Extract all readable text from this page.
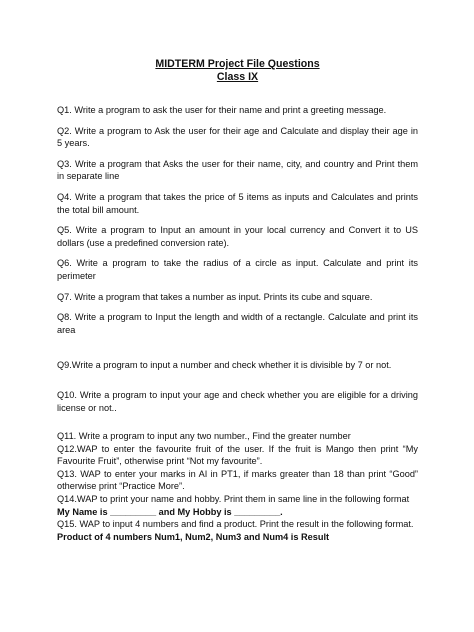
MIDTERM Project File Questions

Class IX

Q1. Write a program to ask the user for their name and print a greeting message.

Q2. Write a program to Ask the user for their age and Calculate and display their age in 5 years.

Q3. Write a program that Asks the user for their name, city, and country and Print them in separate line

Q4. Write a program that takes the price of 5 items as inputs and Calculates and prints the total bill amount.

Q5. Write a program to Input an amount in your local currency and Convert it to US dollars (use a predefined conversion rate).

Q6. Write a program to take the radius of a circle as input. Calculate and print its perimeter

Q7. Write a program that takes a number as input. Prints its cube and square.

Q8. Write a program to Input the length and width of a rectangle. Calculate and print its area

Q9.Write a program to input a number and check whether it is divisible by 7 or not.

Q10. Write a program to input your age and check whether you are eligible for a driving license or not..

Q11. Write a program to input any two number., Find the greater number

Q12.WAP to enter the favourite fruit of the user. If the fruit is Mango then print “My Favourite Fruit”, otherwise print “Not my favourite”.

Q13. WAP to enter your marks in AI in PT1, if marks greater than 18 than print “Good” otherwise print “Practice More”.

Q14.WAP to print your name and hobby. Print them in same line in the following format

My Name is _________ and My Hobby is _________.

Q15. WAP to input 4 numbers and find a product. Print the result in the following format.

Product of 4 numbers Num1, Num2, Num3 and Num4 is Result
